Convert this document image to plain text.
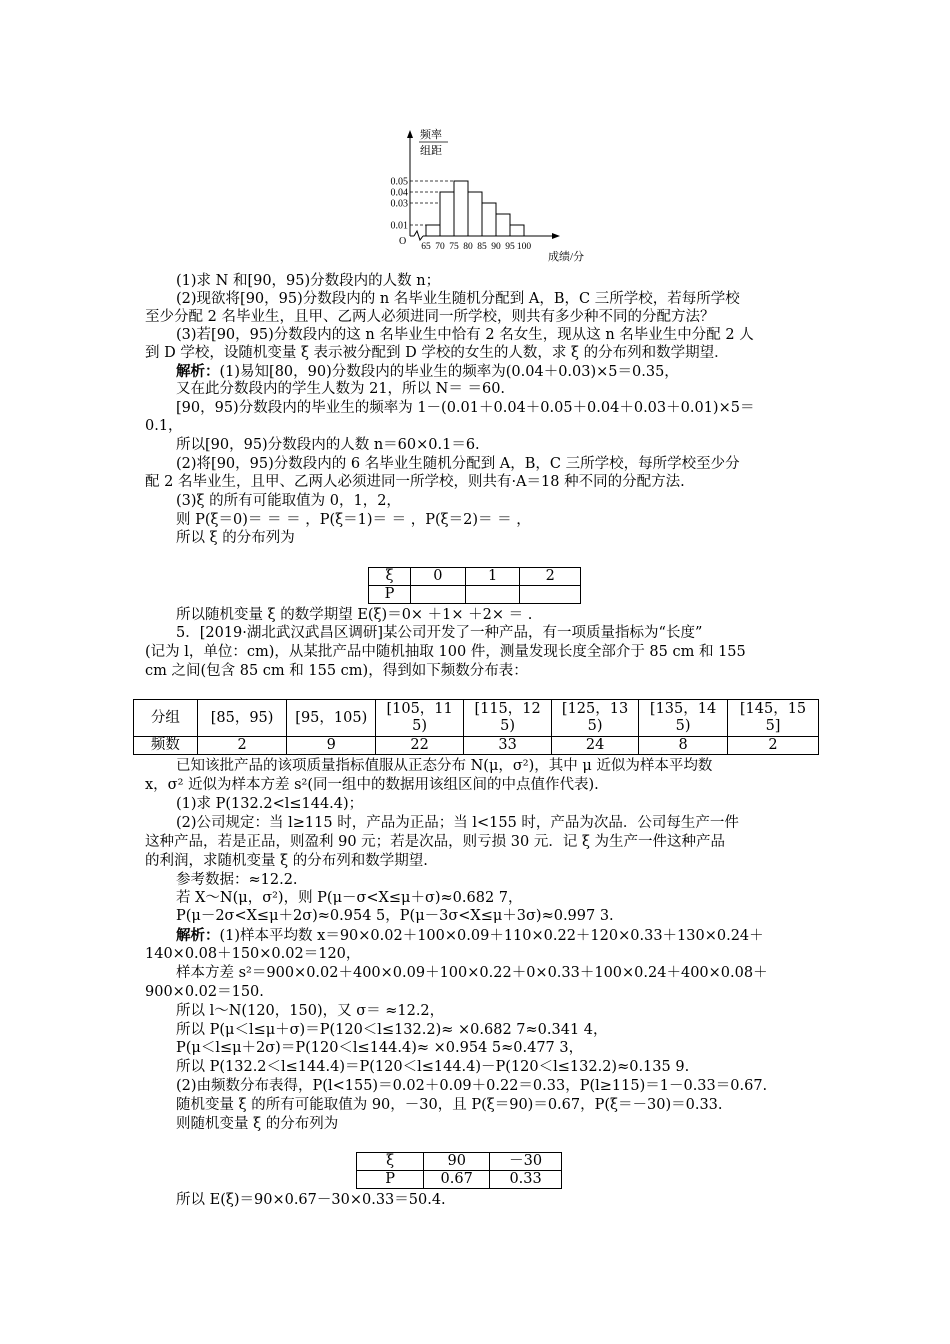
频率
组距
O
成绩/分
0.05
0.04
0.03
0.01
65 70 75 80 85 90 95 100
(1)求 N 和[90，95)分数段内的人数 n；
(2)现欲将[90，95)分数段内的 n 名毕业生随机分配到 A，B，C 三所学校，若每所学校
至少分配 2 名毕业生，且甲、乙两人必须进同一所学校，则共有多少种不同的分配方法？
(3)若[90，95)分数段内的这 n 名毕业生中恰有 2 名女生，现从这 n 名毕业生中分配 2 人
到 D 学校，设随机变量 ξ 表示被分配到 D 学校的女生的人数，求 ξ 的分布列和数学期望．
解析：(1)易知[80，90)分数段内的毕业生的频率为(0.04＋0.03)×5＝0.35，
又在此分数段内的学生人数为 21，所以 N＝ ＝60.
[90，95)分数段内的毕业生的频率为 1－(0.01＋0.04＋0.05＋0.04＋0.03＋0.01)×5＝
0.1，
所以[90，95)分数段内的人数 n＝60×0.1＝6.
(2)将[90，95)分数段内的 6 名毕业生随机分配到 A，B，C 三所学校，每所学校至少分
配 2 名毕业生，且甲、乙两人必须进同一所学校，则共有·A＝18 种不同的分配方法.
(3)ξ 的所有可能取值为 0，1，2，
则 P(ξ＝0)＝ ＝ ＝ ，P(ξ＝1)＝ ＝ ，P(ξ＝2)＝ ＝ ，
所以 ξ 的分布列为
ξ	0	1	2
P			
所以随机变量 ξ 的数学期望 E(ξ)＝0× ＋1× ＋2× ＝ .
5．[2019·湖北武汉武昌区调研]某公司开发了一种产品，有一项质量指标为“长度”
(记为 l，单位：cm)，从某批产品中随机抽取 100 件，测量发现长度全部介于 85 cm 和 155
cm 之间(包含 85 cm 和 155 cm)，得到如下频数分布表：
分组	[85，95)	[95，105)	[105，11
5)	[115，12
5)	[125，13
5)	[135，14
5)	[145，15
5]
频数	2	9	22	33	24	8	2
已知该批产品的该项质量指标值服从正态分布 N(μ，σ²)，其中 μ 近似为样本平均数
x，σ² 近似为样本方差 s²(同一组中的数据用该组区间的中点值作代表).
(1)求 P(132.2<l≤144.4)；
(2)公司规定：当 l≥115 时，产品为正品；当 l<155 时，产品为次品．公司每生产一件
这种产品，若是正品，则盈利 90 元；若是次品，则亏损 30 元．记 ξ 为生产一件这种产品
的利润，求随机变量 ξ 的分布列和数学期望.
参考数据：≈12.2.
若 X～N(μ，σ²)，则 P(μ－σ<X≤μ＋σ)≈0.682 7，
P(μ－2σ<X≤μ＋2σ)≈0.954 5，P(μ－3σ<X≤μ＋3σ)≈0.997 3.
解析：(1)样本平均数 x＝90×0.02＋100×0.09＋110×0.22＋120×0.33＋130×0.24＋
140×0.08＋150×0.02＝120，
样本方差 s²＝900×0.02＋400×0.09＋100×0.22＋0×0.33＋100×0.24＋400×0.08＋
900×0.02＝150.
所以 l～N(120，150)，又 σ＝ ≈12.2，
所以 P(μ＜l≤μ＋σ)＝P(120＜l≤132.2)≈ ×0.682 7≈0.341 4，
P(μ＜l≤μ＋2σ)＝P(120＜l≤144.4)≈ ×0.954 5≈0.477 3，
所以 P(132.2＜l≤144.4)＝P(120＜l≤144.4)－P(120＜l≤132.2)≈0.135 9.
(2)由频数分布表得，P(l<155)＝0.02＋0.09＋0.22＝0.33，P(l≥115)＝1－0.33＝0.67.
随机变量 ξ 的所有可能取值为 90，－30，且 P(ξ＝90)＝0.67，P(ξ＝－30)＝0.33.
则随机变量 ξ 的分布列为
ξ	90	－30
P	0.67	0.33
所以 E(ξ)＝90×0.67－30×0.33＝50.4.
